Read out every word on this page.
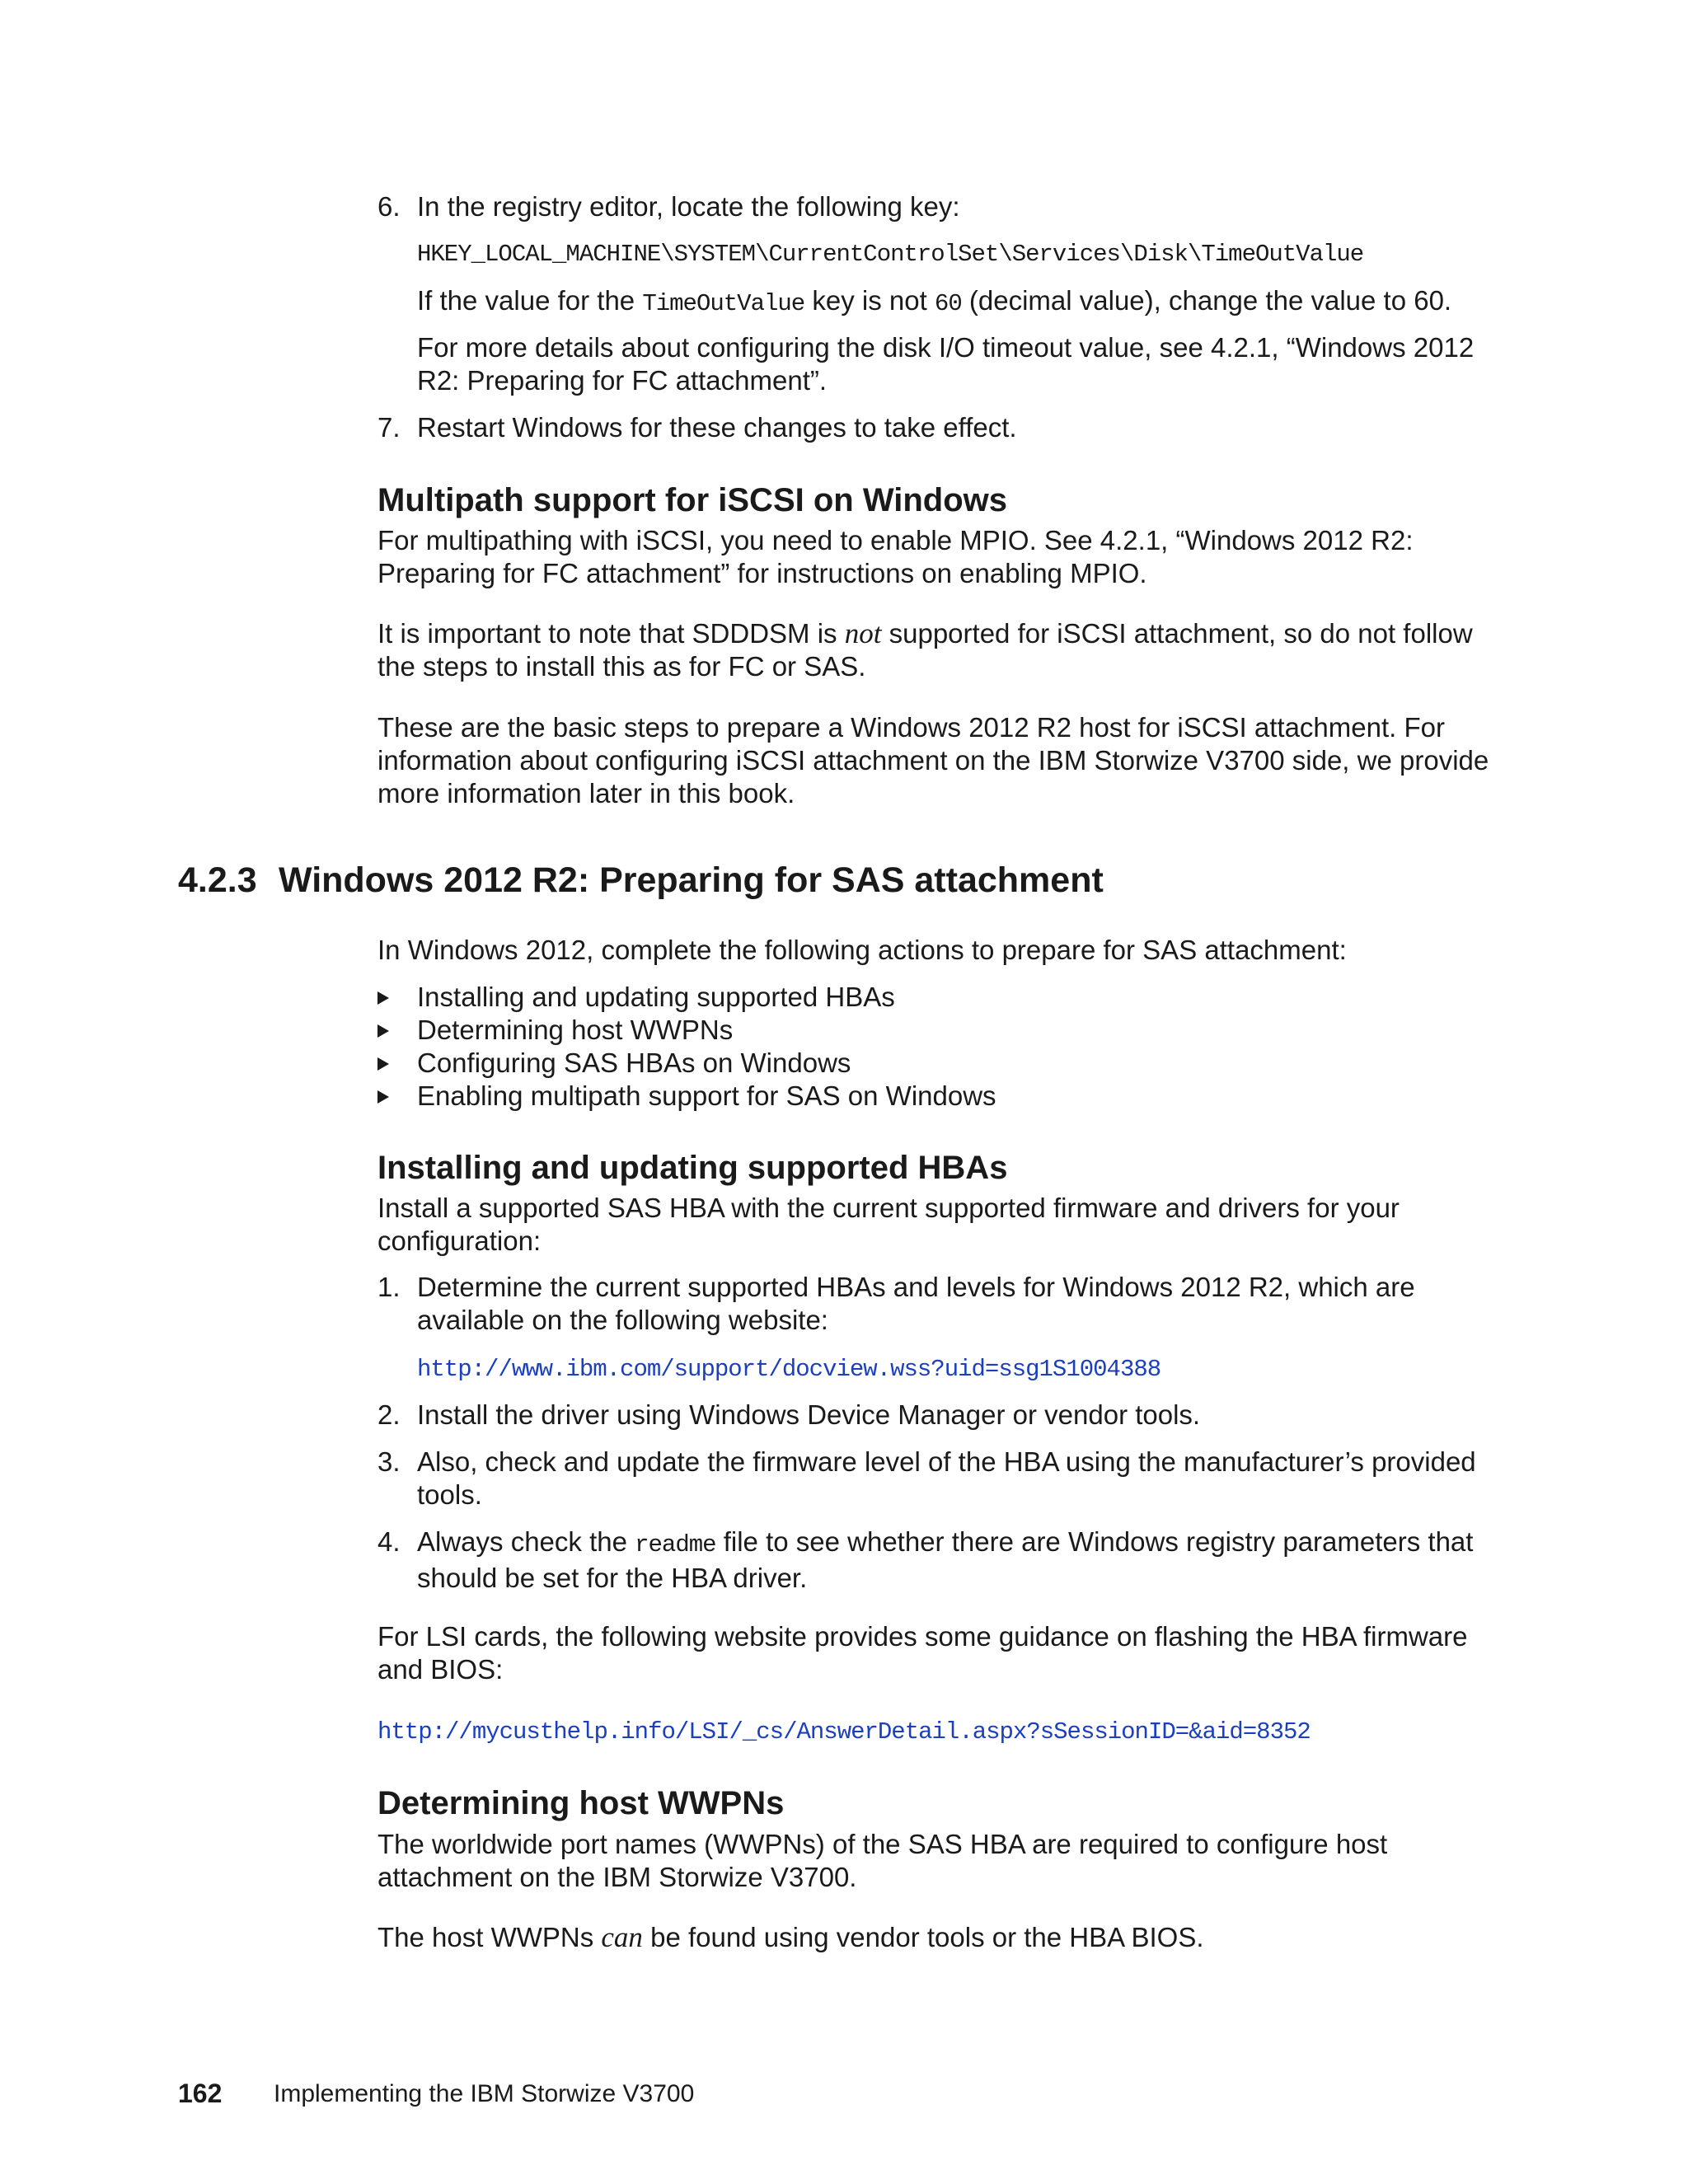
6. In the registry editor, locate the following key:

HKEY_LOCAL_MACHINE\SYSTEM\CurrentControlSet\Services\Disk\TimeOutValue

If the value for the TimeOutValue key is not 60 (decimal value), change the value to 60.

For more details about configuring the disk I/O timeout value, see 4.2.1, “Windows 2012 R2: Preparing for FC attachment”.

7. Restart Windows for these changes to take effect.

Multipath support for iSCSI on Windows

For multipathing with iSCSI, you need to enable MPIO. See 4.2.1, “Windows 2012 R2: Preparing for FC attachment” for instructions on enabling MPIO.

It is important to note that SDDDSM is not supported for iSCSI attachment, so do not follow the steps to install this as for FC or SAS.

These are the basic steps to prepare a Windows 2012 R2 host for iSCSI attachment. For information about configuring iSCSI attachment on the IBM Storwize V3700 side, we provide more information later in this book.

4.2.3 Windows 2012 R2: Preparing for SAS attachment

In Windows 2012, complete the following actions to prepare for SAS attachment:

Installing and updating supported HBAs
Determining host WWPNs
Configuring SAS HBAs on Windows
Enabling multipath support for SAS on Windows
Installing and updating supported HBAs

Install a supported SAS HBA with the current supported firmware and drivers for your configuration:

1. Determine the current supported HBAs and levels for Windows 2012 R2, which are available on the following website:

http://www.ibm.com/support/docview.wss?uid=ssg1S1004388

2. Install the driver using Windows Device Manager or vendor tools.

3. Also, check and update the firmware level of the HBA using the manufacturer’s provided tools.

4. Always check the readme file to see whether there are Windows registry parameters that should be set for the HBA driver.

For LSI cards, the following website provides some guidance on flashing the HBA firmware and BIOS:

http://mycusthelp.info/LSI/_cs/AnswerDetail.aspx?sSessionID=&aid=8352

Determining host WWPNs

The worldwide port names (WWPNs) of the SAS HBA are required to configure host attachment on the IBM Storwize V3700.

The host WWPNs can be found using vendor tools or the HBA BIOS.

162 Implementing the IBM Storwize V3700
